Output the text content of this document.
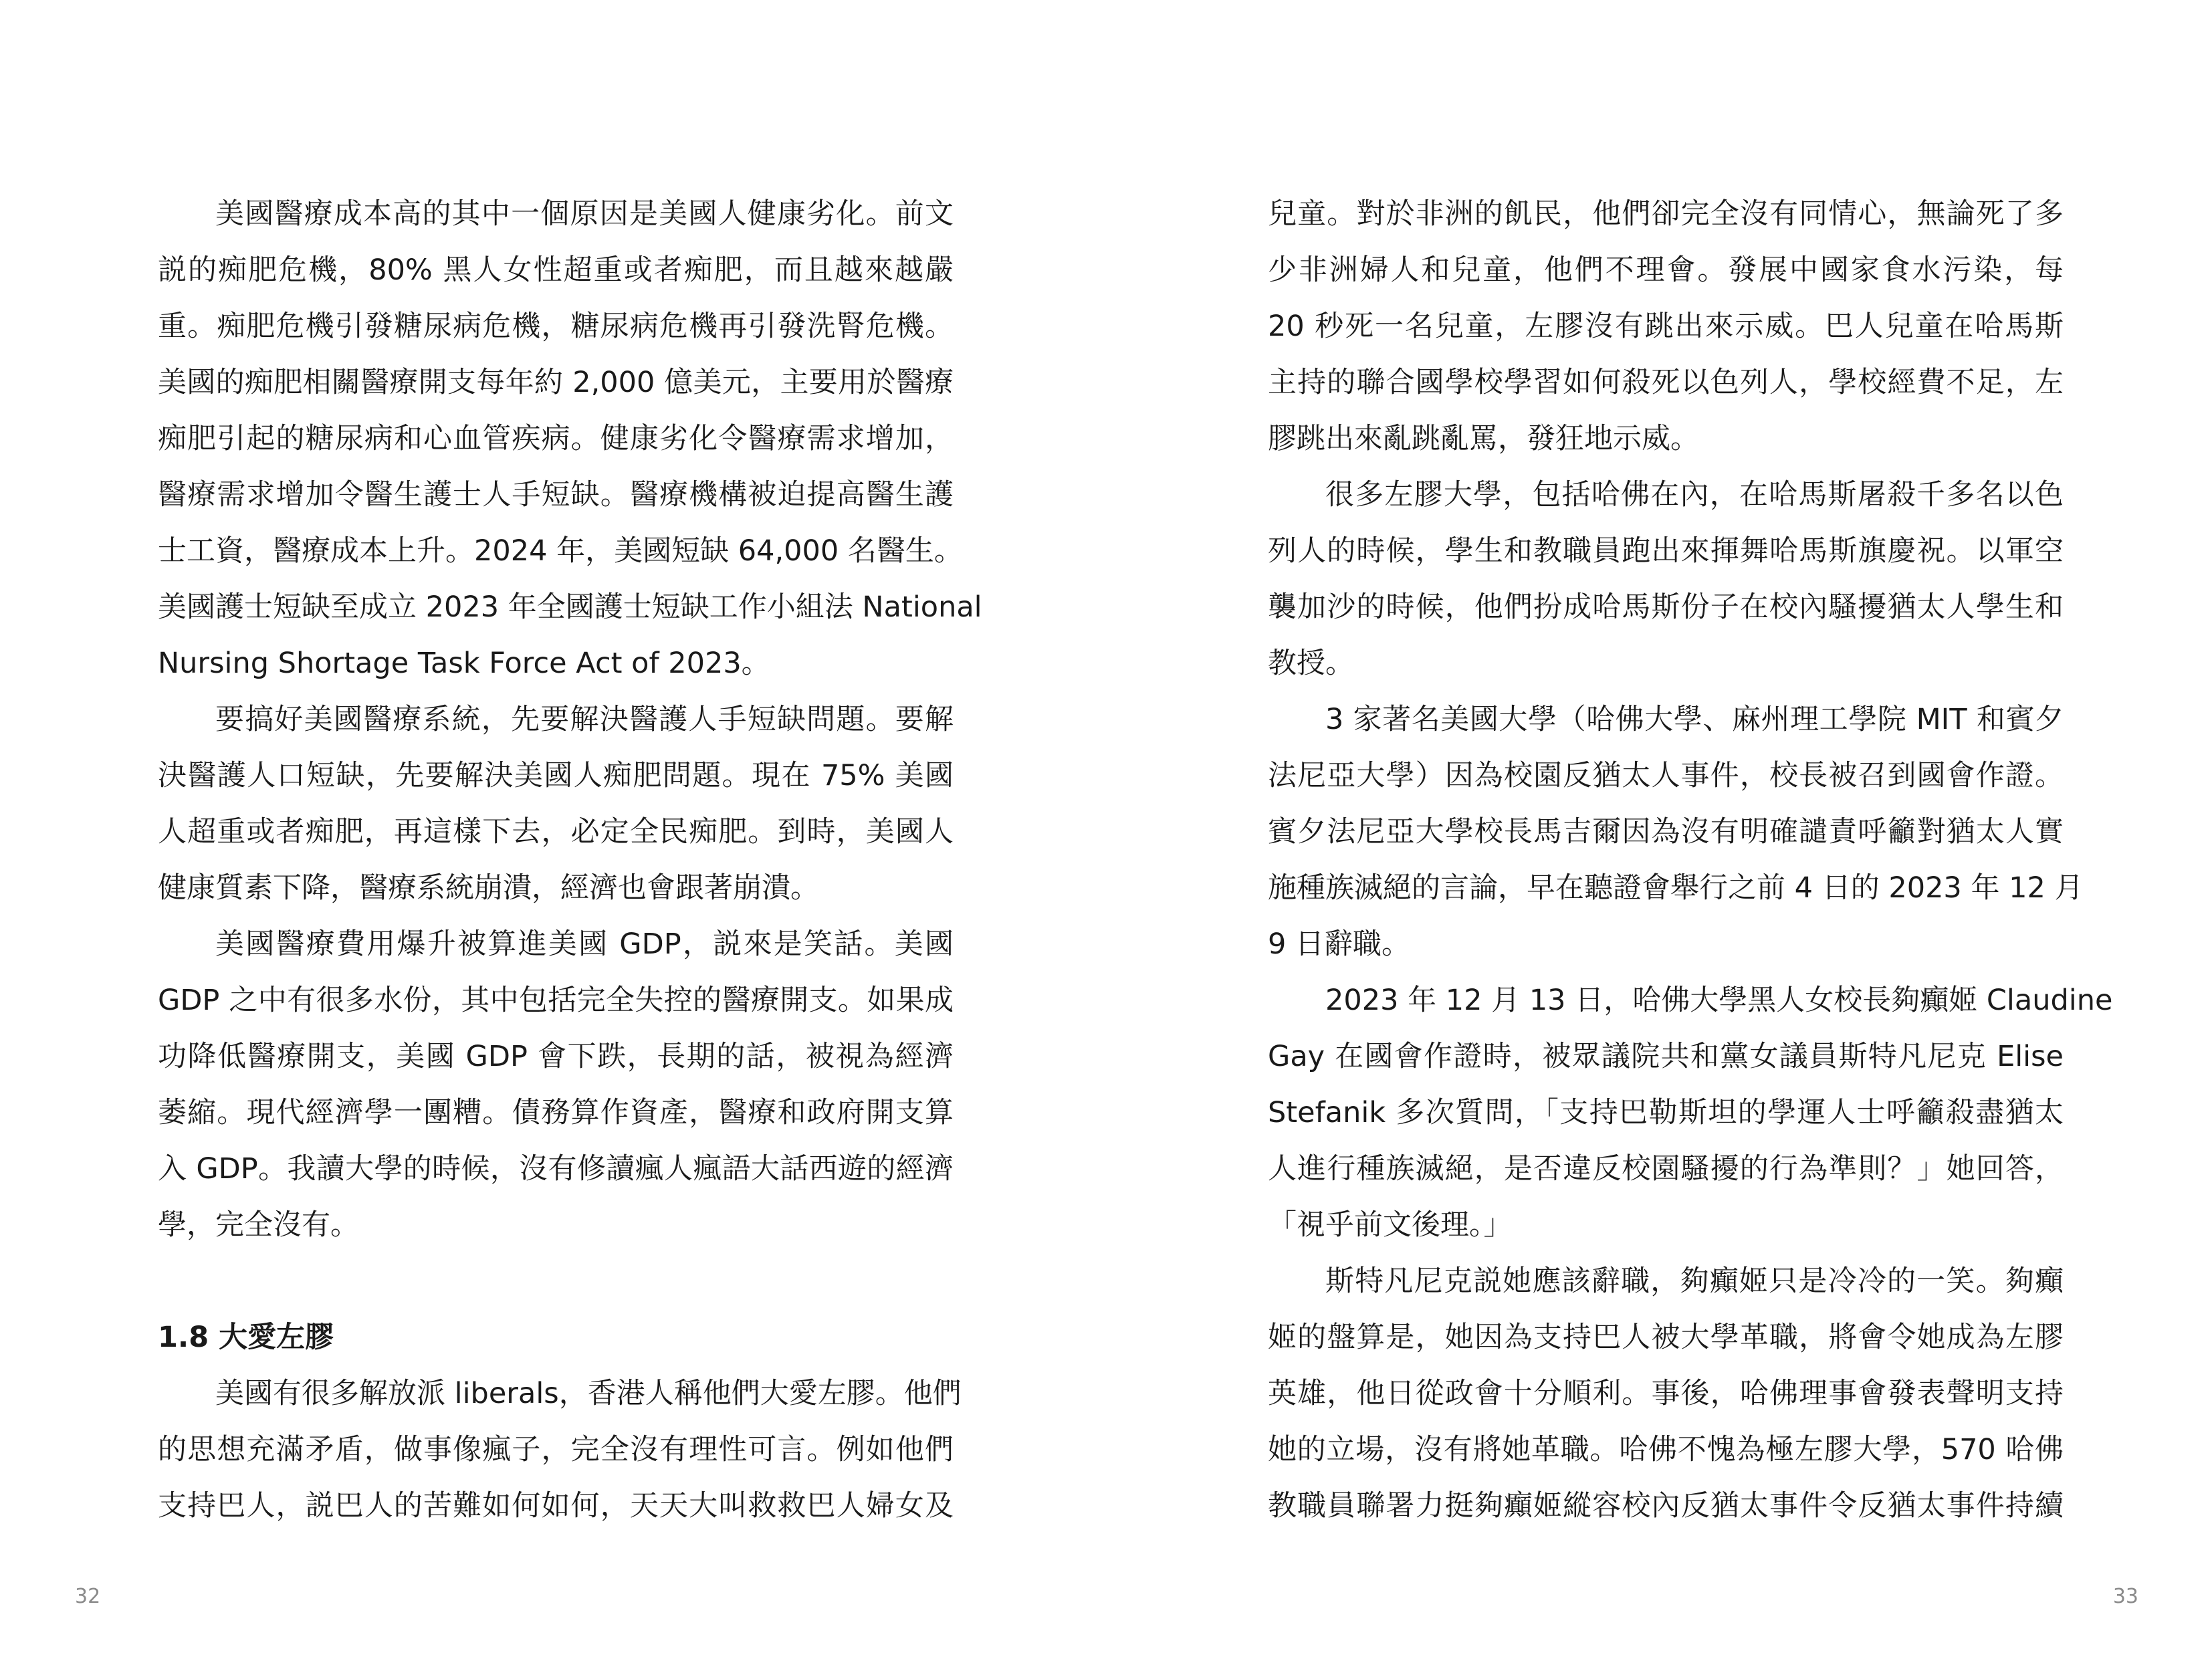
美國醫療成本高的其中一個原因是美國人健康劣化。前文
説的痴肥危機，80% 黑人女性超重或者痴肥，而且越來越嚴
重。痴肥危機引發糖尿病危機，糖尿病危機再引發洗腎危機。
美國的痴肥相關醫療開支每年約 2,000 億美元，主要用於醫療
痴肥引起的糖尿病和心血管疾病。健康劣化令醫療需求增加，
醫療需求增加令醫生護士人手短缺。醫療機構被迫提高醫生護
士工資，醫療成本上升。2024 年，美國短缺 64,000 名醫生。
美國護士短缺至成立 2023 年全國護士短缺工作小組法 National
Nursing Shortage Task Force Act of 2023。
要搞好美國醫療系統，先要解決醫護人手短缺問題。要解
決醫護人口短缺，先要解決美國人痴肥問題。現在 75% 美國
人超重或者痴肥，再這樣下去，必定全民痴肥。到時，美國人
健康質素下降，醫療系統崩潰，經濟也會跟著崩潰。
美國醫療費用爆升被算進美國 GDP，説來是笑話。美國
GDP 之中有很多水份，其中包括完全失控的醫療開支。如果成
功降低醫療開支，美國 GDP 會下跌，長期的話，被視為經濟
萎縮。現代經濟學一團糟。債務算作資產，醫療和政府開支算
入 GDP。我讀大學的時候，沒有修讀瘋人瘋語大話西遊的經濟
學，完全沒有。
1.8 大愛左膠
美國有很多解放派 liberals，香港人稱他們大愛左膠。他們
的思想充滿矛盾，做事像瘋子，完全沒有理性可言。例如他們
支持巴人，説巴人的苦難如何如何，天天大叫救救巴人婦女及
32
兒童。對於非洲的飢民，他們卻完全沒有同情心，無論死了多
少非洲婦人和兒童，他們不理會。發展中國家食水污染，每
20 秒死一名兒童，左膠沒有跳出來示威。巴人兒童在哈馬斯
主持的聯合國學校學習如何殺死以色列人，學校經費不足，左
膠跳出來亂跳亂罵，發狂地示威。
很多左膠大學，包括哈佛在內，在哈馬斯屠殺千多名以色
列人的時候，學生和教職員跑出來揮舞哈馬斯旗慶祝。以軍空
襲加沙的時候，他們扮成哈馬斯份子在校內騷擾猶太人學生和
教授。
3 家著名美國大學（哈佛大學、麻州理工學院 MIT 和賓夕
法尼亞大學）因為校園反猶太人事件，校長被召到國會作證。
賓夕法尼亞大學校長馬吉爾因為沒有明確譴責呼籲對猶太人實
施種族滅絕的言論，早在聽證會舉行之前 4 日的 2023 年 12 月
9 日辭職。
2023 年 12 月 13 日，哈佛大學黑人女校長夠癲姬 Claudine
Gay 在國會作證時，被眾議院共和黨女議員斯特凡尼克 Elise
Stefanik 多次質問，「支持巴勒斯坦的學運人士呼籲殺盡猶太
人進行種族滅絕，是否違反校園騷擾的行為準則？」她回答，
「視乎前文後理。」
斯特凡尼克説她應該辭職，夠癲姬只是冷冷的一笑。夠癲
姬的盤算是，她因為支持巴人被大學革職，將會令她成為左膠
英雄，他日從政會十分順利。事後，哈佛理事會發表聲明支持
她的立場，沒有將她革職。哈佛不愧為極左膠大學，570 哈佛
教職員聯署力挺夠癲姬縱容校內反猶太事件令反猶太事件持續
33
